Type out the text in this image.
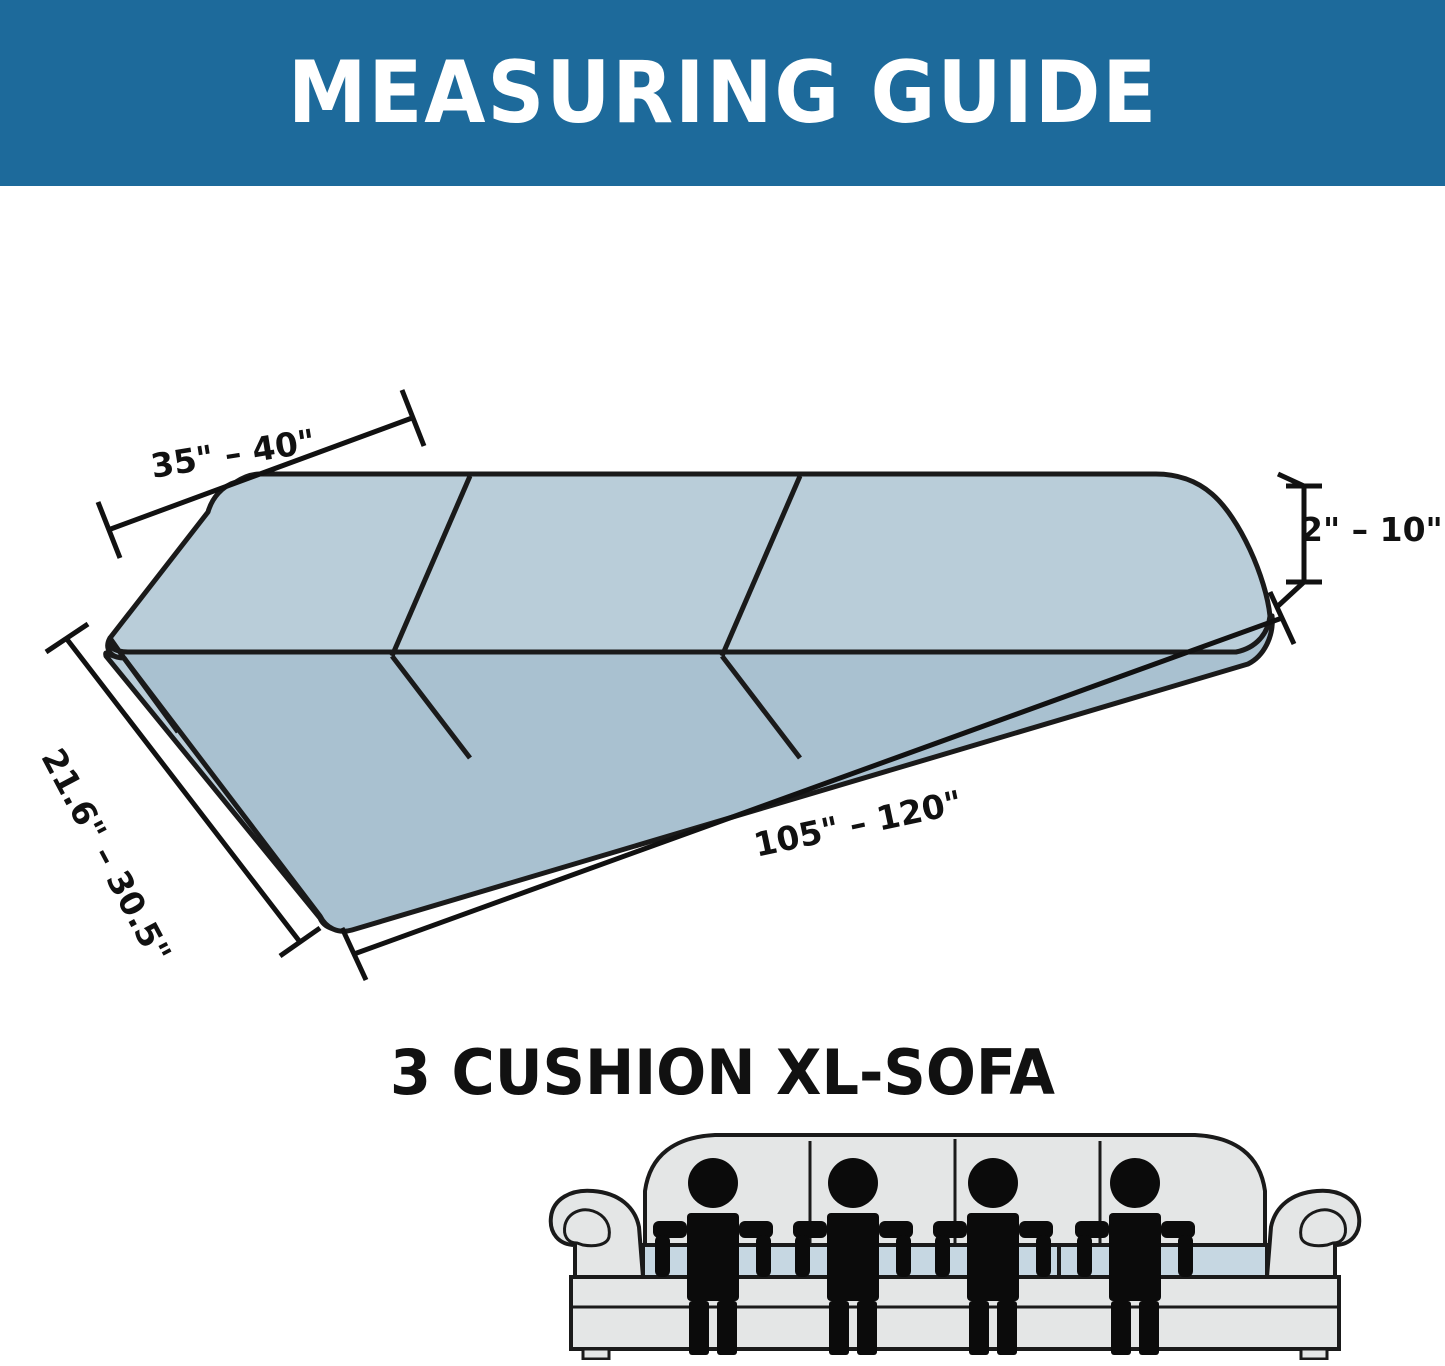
MEASURING GUIDE
35" – 40"
2" – 10"
21.6" – 30.5"	105" – 120"
3 CUSHION XL-SOFA
